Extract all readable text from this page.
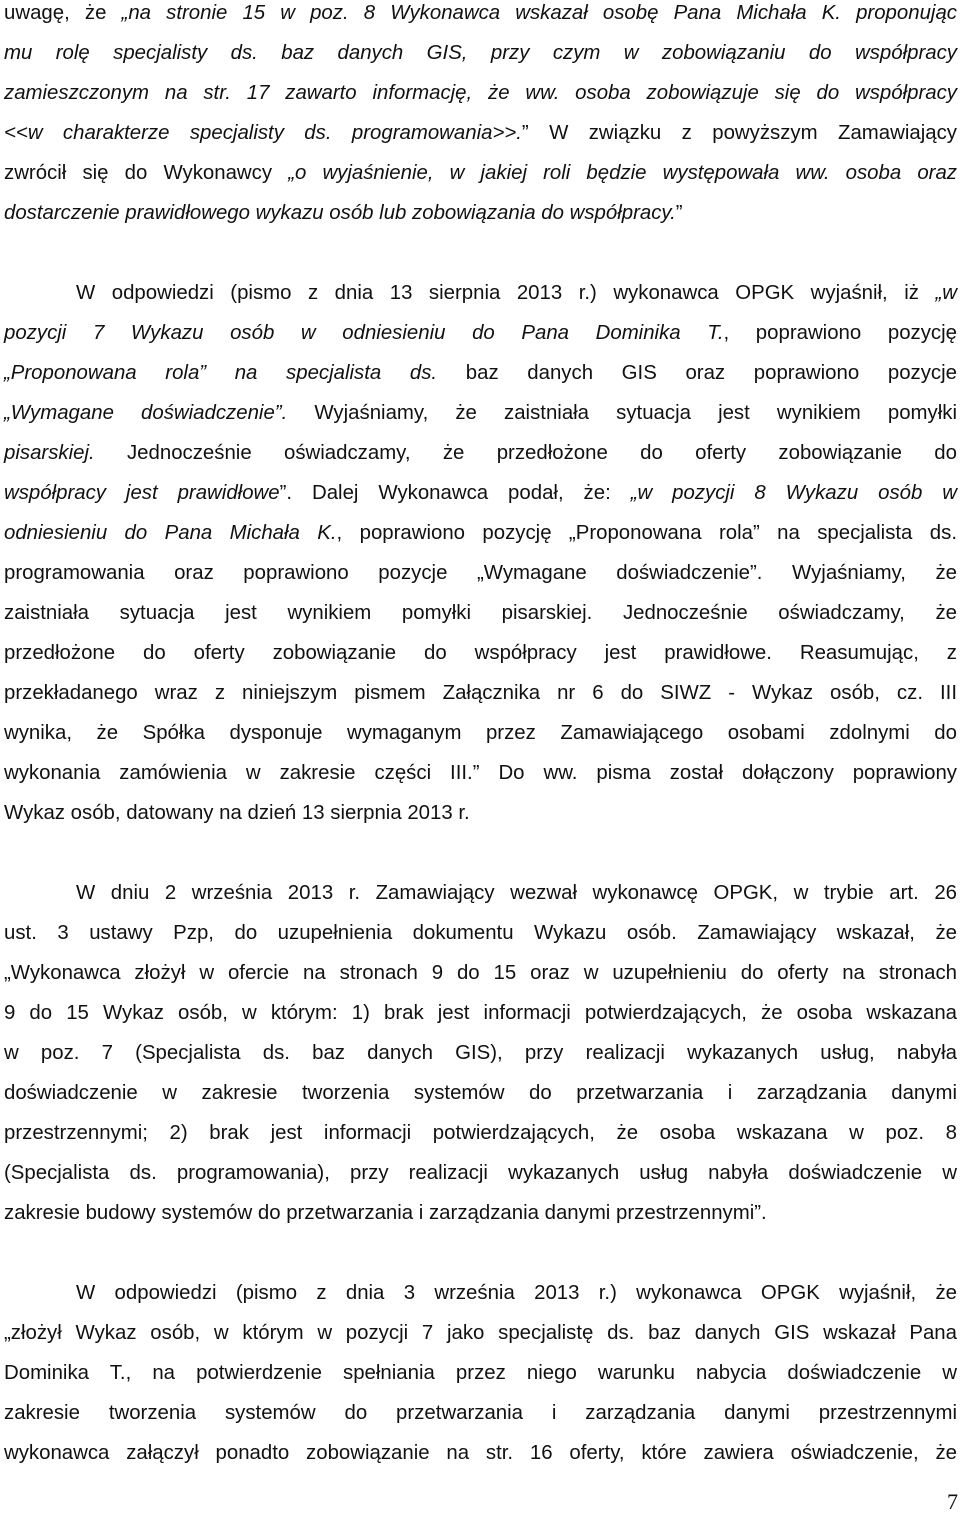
uwagę, że „na stronie 15 w poz. 8 Wykonawca wskazał osobę Pana Michała K. proponując
mu rolę specjalisty ds. baz danych GIS, przy czym w zobowiązaniu do współpracy
zamieszczonym na str. 17 zawarto informację, że ww. osoba zobowiązuje się do współpracy
<<w charakterze specjalisty ds. programowania>>.” W związku z powyższym Zamawiający
zwrócił się do Wykonawcy „o wyjaśnienie, w jakiej roli będzie występowała ww. osoba oraz
dostarczenie prawidłowego wykazu osób lub zobowiązania do współpracy.”
W odpowiedzi (pismo z dnia 13 sierpnia 2013 r.) wykonawca OPGK wyjaśnił, iż „w
pozycji 7 Wykazu osób w odniesieniu do Pana Dominika T., poprawiono pozycję
„Proponowana rola” na specjalista ds. baz danych GIS oraz poprawiono pozycje
„Wymagane doświadczenie”. Wyjaśniamy, że zaistniała sytuacja jest wynikiem pomyłki
pisarskiej. Jednocześnie oświadczamy, że przedłożone do oferty zobowiązanie do
współpracy jest prawidłowe”. Dalej Wykonawca podał, że: „w pozycji 8 Wykazu osób w
odniesieniu do Pana Michała K., poprawiono pozycję „Proponowana rola” na specjalista ds.
programowania oraz poprawiono pozycje „Wymagane doświadczenie”. Wyjaśniamy, że
zaistniała sytuacja jest wynikiem pomyłki pisarskiej. Jednocześnie oświadczamy, że
przedłożone do oferty zobowiązanie do współpracy jest prawidłowe. Reasumując, z
przekładanego wraz z niniejszym pismem Załącznika nr 6 do SIWZ - Wykaz osób, cz. III
wynika, że Spółka dysponuje wymaganym przez Zamawiającego osobami zdolnymi do
wykonania zamówienia w zakresie części III.” Do ww. pisma został dołączony poprawiony
Wykaz osób, datowany na dzień 13 sierpnia 2013 r.
W dniu 2 września 2013 r. Zamawiający wezwał wykonawcę OPGK, w trybie art. 26
ust. 3 ustawy Pzp, do uzupełnienia dokumentu Wykazu osób. Zamawiający wskazał, że
„Wykonawca złożył w ofercie na stronach 9 do 15 oraz w uzupełnieniu do oferty na stronach
9 do 15 Wykaz osób, w którym: 1) brak jest informacji potwierdzających, że osoba wskazana
w poz. 7 (Specjalista ds. baz danych GIS), przy realizacji wykazanych usług, nabyła
doświadczenie w zakresie tworzenia systemów do przetwarzania i zarządzania danymi
przestrzennymi; 2) brak jest informacji potwierdzających, że osoba wskazana w poz. 8
(Specjalista ds. programowania), przy realizacji wykazanych usług nabyła doświadczenie w
zakresie budowy systemów do przetwarzania i zarządzania danymi przestrzennymi”.
W odpowiedzi (pismo z dnia 3 września 2013 r.) wykonawca OPGK wyjaśnił, że
„złożył Wykaz osób, w którym w pozycji 7 jako specjalistę ds. baz danych GIS wskazał Pana
Dominika T., na potwierdzenie spełniania przez niego warunku nabycia doświadczenie w
zakresie tworzenia systemów do przetwarzania i zarządzania danymi przestrzennymi
wykonawca załączył ponadto zobowiązanie na str. 16 oferty, które zawiera oświadczenie, że
7
